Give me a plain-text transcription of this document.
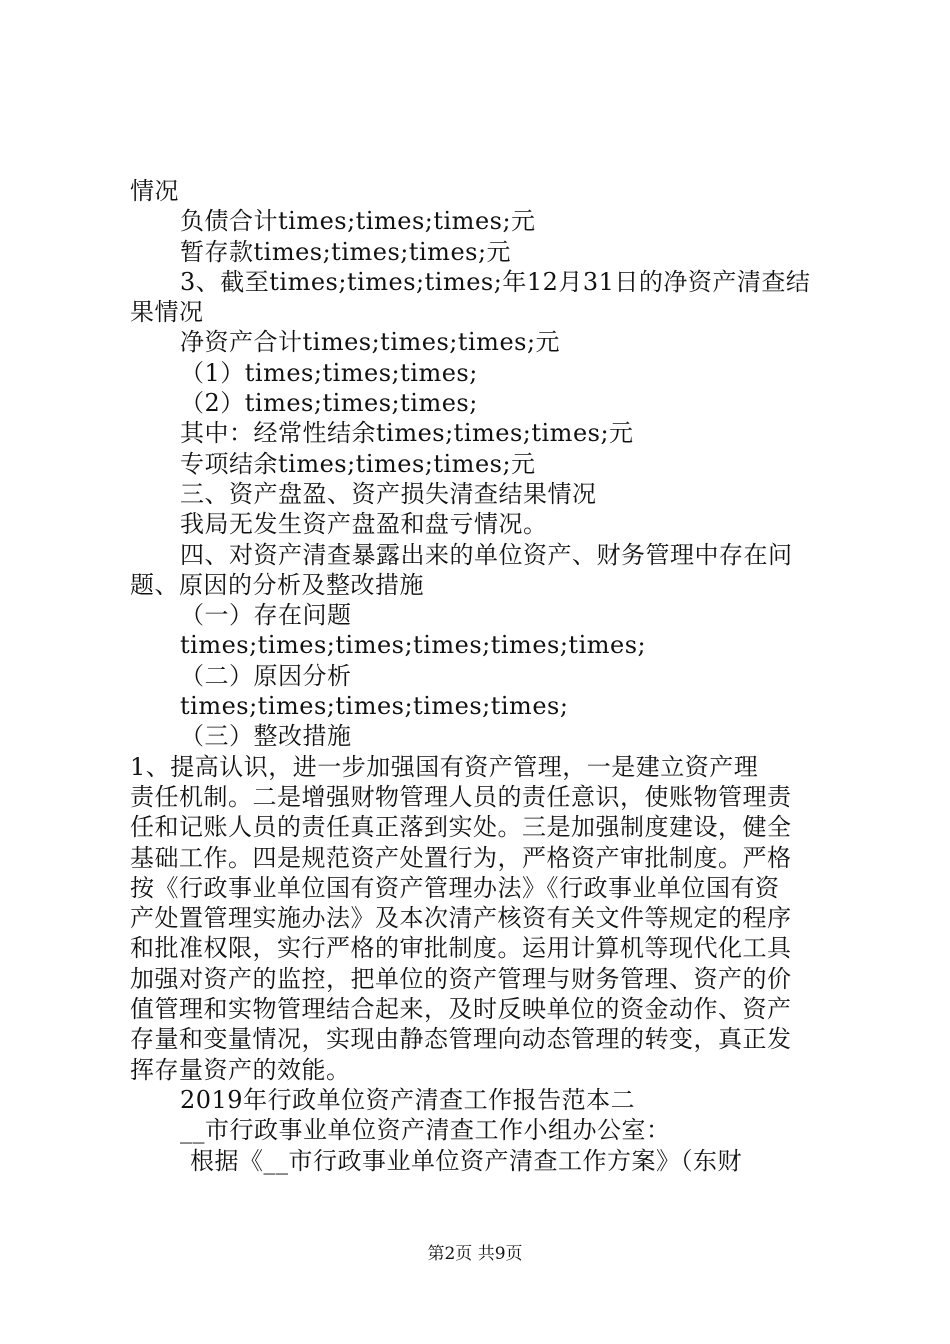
情况
负债合计times;times;times;元
暂存款times;times;times;元
3、截至times;times;times;年12月31日的净资产清查结
果情况
净资产合计times;times;times;元
（1）times;times;times;
（2）times;times;times;
其中：经常性结余times;times;times;元
专项结余times;times;times;元
三、资产盘盈、资产损失清查结果情况
我局无发生资产盘盈和盘亏情况。
四、对资产清查暴露出来的单位资产、财务管理中存在问
题、原因的分析及整改措施
（一）存在问题
times;times;times;times;times;times;
（二）原因分析
times;times;times;times;times;
（三）整改措施
1、提高认识，进一步加强国有资产管理，一是建立资产理
责任机制。二是增强财物管理人员的责任意识，使账物管理责
任和记账人员的责任真正落到实处。三是加强制度建设，健全
基础工作。四是规范资产处置行为，严格资产审批制度。严格
按《行政事业单位国有资产管理办法》《行政事业单位国有资
产处置管理实施办法》及本次清产核资有关文件等规定的程序
和批准权限，实行严格的审批制度。运用计算机等现代化工具
加强对资产的监控，把单位的资产管理与财务管理、资产的价
值管理和实物管理结合起来，及时反映单位的资金动作、资产
存量和变量情况，实现由静态管理向动态管理的转变，真正发
挥存量资产的效能。
2019年行政单位资产清查工作报告范本二
__市行政事业单位资产清查工作小组办公室：
根据《__市行政事业单位资产清查工作方案》（东财
第2页 共9页
